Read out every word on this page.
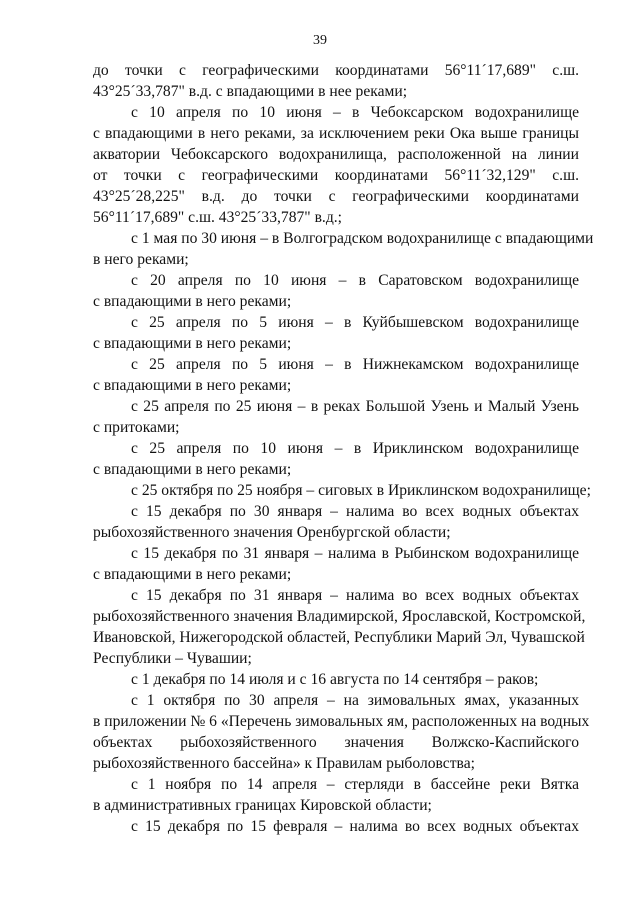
39
до точки с географическими координатами 56°11´17,689" с.ш.
43°25´33,787" в.д. с впадающими в нее реками;
с 10 апреля по 10 июня – в Чебоксарском водохранилище
с впадающими в него реками, за исключением реки Ока выше границы
акватории Чебоксарского водохранилища, расположенной на линии
от точки с географическими координатами 56°11´32,129" с.ш.
43°25´28,225" в.д. до точки с географическими координатами
56°11´17,689" с.ш. 43°25´33,787" в.д.;
с 1 мая по 30 июня – в Волгоградском водохранилище с впадающими
в него реками;
с 20 апреля по 10 июня – в Саратовском водохранилище
с впадающими в него реками;
с 25 апреля по 5 июня – в Куйбышевском водохранилище
с впадающими в него реками;
с 25 апреля по 5 июня – в Нижнекамском водохранилище
с впадающими в него реками;
с 25 апреля по 25 июня – в реках Большой Узень и Малый Узень
с притоками;
с 25 апреля по 10 июня – в Ириклинском водохранилище
с впадающими в него реками;
с 25 октября по 25 ноября – сиговых в Ириклинском водохранилище;
с 15 декабря по 30 января – налима во всех водных объектах
рыбохозяйственного значения Оренбургской области;
с 15 декабря по 31 января – налима в Рыбинском водохранилище
с впадающими в него реками;
с 15 декабря по 31 января – налима во всех водных объектах
рыбохозяйственного значения Владимирской, Ярославской, Костромской,
Ивановской, Нижегородской областей, Республики Марий Эл, Чувашской
Республики – Чувашии;
с 1 декабря по 14 июля и с 16 августа по 14 сентября – раков;
с 1 октября по 30 апреля – на зимовальных ямах, указанных
в приложении № 6 «Перечень зимовальных ям, расположенных на водных
объектах рыбохозяйственного значения Волжско-Каспийского
рыбохозяйственного бассейна» к Правилам рыболовства;
с 1 ноября по 14 апреля – стерляди в бассейне реки Вятка
в административных границах Кировской области;
с 15 декабря по 15 февраля – налима во всех водных объектах
